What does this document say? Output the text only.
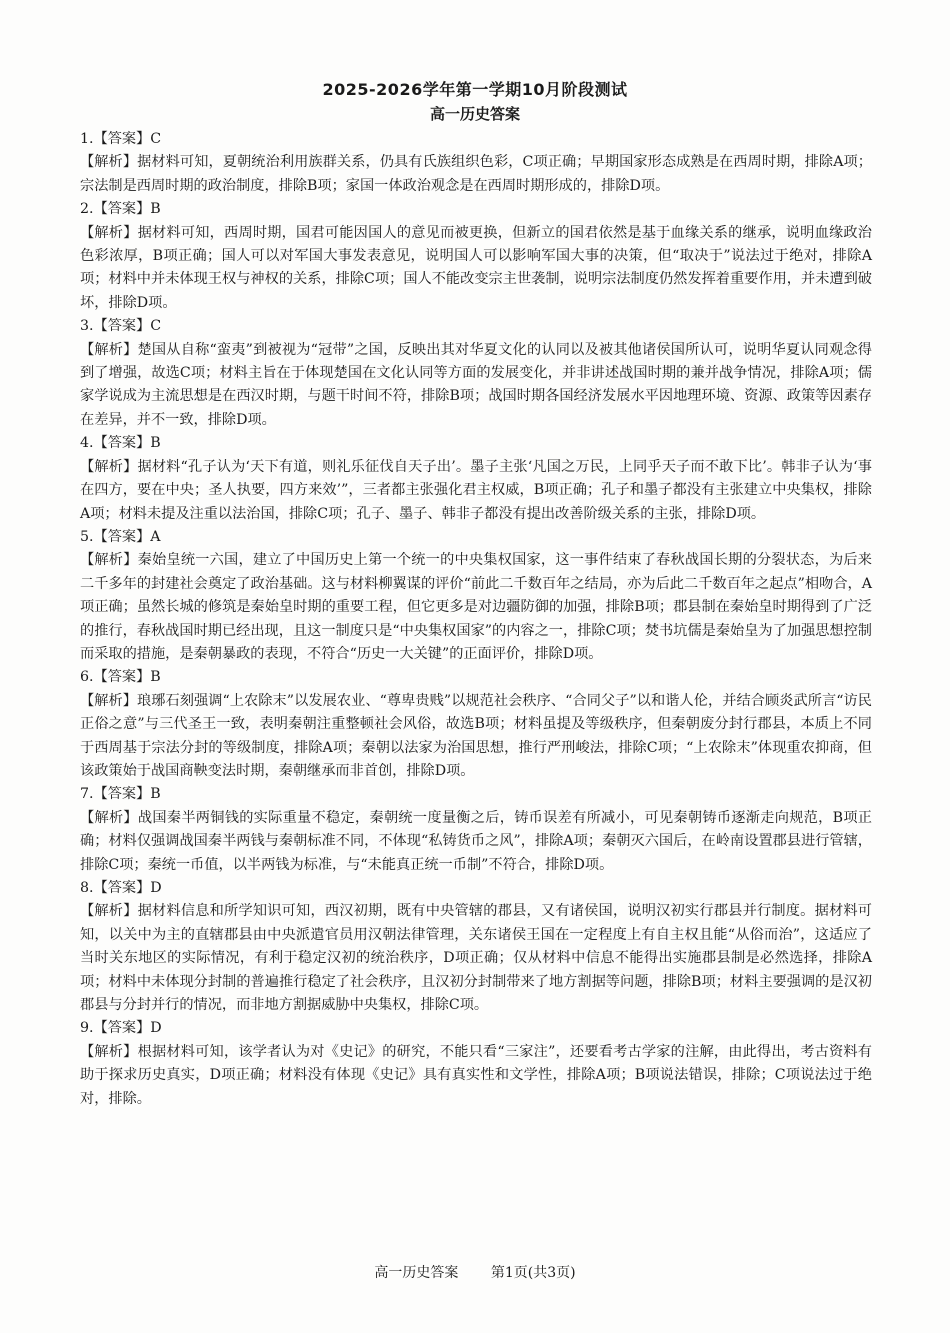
2025-2026学年第一学期10月阶段测试
高一历史答案
1.【答案】C
【解析】据材料可知，夏朝统治利用族群关系，仍具有氏族组织色彩，C项正确；早期国家形态成熟是在西周时期，排除A项；宗法制是西周时期的政治制度，排除B项；家国一体政治观念是在西周时期形成的，排除D项。
2.【答案】B
【解析】据材料可知，西周时期，国君可能因国人的意见而被更换，但新立的国君依然是基于血缘关系的继承，说明血缘政治色彩浓厚，B项正确；国人可以对军国大事发表意见，说明国人可以影响军国大事的决策，但“取决于”说法过于绝对，排除A项；材料中并未体现王权与神权的关系，排除C项；国人不能改变宗主世袭制，说明宗法制度仍然发挥着重要作用，并未遭到破坏，排除D项。
3.【答案】C
【解析】楚国从自称“蛮夷”到被视为“冠带”之国，反映出其对华夏文化的认同以及被其他诸侯国所认可，说明华夏认同观念得到了增强，故选C项；材料主旨在于体现楚国在文化认同等方面的发展变化，并非讲述战国时期的兼并战争情况，排除A项；儒家学说成为主流思想是在西汉时期，与题干时间不符，排除B项；战国时期各国经济发展水平因地理环境、资源、政策等因素存在差异，并不一致，排除D项。
4.【答案】B
【解析】据材料“孔子认为‘天下有道，则礼乐征伐自天子出’。墨子主张‘凡国之万民，上同乎天子而不敢下比’。韩非子认为‘事在四方，要在中央；圣人执要，四方来效’”，三者都主张强化君主权威，B项正确；孔子和墨子都没有主张建立中央集权，排除A项；材料未提及注重以法治国，排除C项；孔子、墨子、韩非子都没有提出改善阶级关系的主张，排除D项。
5.【答案】A
【解析】秦始皇统一六国，建立了中国历史上第一个统一的中央集权国家，这一事件结束了春秋战国长期的分裂状态，为后来二千多年的封建社会奠定了政治基础。这与材料柳翼谋的评价“前此二千数百年之结局，亦为后此二千数百年之起点”相吻合，A项正确；虽然长城的修筑是秦始皇时期的重要工程，但它更多是对边疆防御的加强，排除B项；郡县制在秦始皇时期得到了广泛的推行，春秋战国时期已经出现，且这一制度只是“中央集权国家”的内容之一，排除C项；焚书坑儒是秦始皇为了加强思想控制而采取的措施，是秦朝暴政的表现，不符合“历史一大关键”的正面评价，排除D项。
6.【答案】B
【解析】琅琊石刻强调“上农除末”以发展农业、“尊卑贵贱”以规范社会秩序、“合同父子”以和谐人伦，并结合顾炎武所言“访民正俗之意”与三代圣王一致，表明秦朝注重整顿社会风俗，故选B项；材料虽提及等级秩序，但秦朝废分封行郡县，本质上不同于西周基于宗法分封的等级制度，排除A项；秦朝以法家为治国思想，推行严刑峻法，排除C项；“上农除末”体现重农抑商，但该政策始于战国商鞅变法时期，秦朝继承而非首创，排除D项。
7.【答案】B
【解析】战国秦半两铜钱的实际重量不稳定，秦朝统一度量衡之后，铸币误差有所减小，可见秦朝铸币逐渐走向规范，B项正确；材料仅强调战国秦半两钱与秦朝标准不同，不体现“私铸货币之风”，排除A项；秦朝灭六国后，在岭南设置郡县进行管辖，排除C项；秦统一币值，以半两钱为标准，与“未能真正统一币制”不符合，排除D项。
8.【答案】D
【解析】据材料信息和所学知识可知，西汉初期，既有中央管辖的郡县，又有诸侯国，说明汉初实行郡县并行制度。据材料可知，以关中为主的直辖郡县由中央派遣官员用汉朝法律管理，关东诸侯王国在一定程度上有自主权且能“从俗而治”，这适应了当时关东地区的实际情况，有利于稳定汉初的统治秩序，D项正确；仅从材料中信息不能得出实施郡县制是必然选择，排除A项；材料中未体现分封制的普遍推行稳定了社会秩序，且汉初分封制带来了地方割据等问题，排除B项；材料主要强调的是汉初郡县与分封并行的情况，而非地方割据威胁中央集权，排除C项。
9.【答案】D
【解析】根据材料可知，该学者认为对《史记》的研究，不能只看“三家注”，还要看考古学家的注解，由此得出，考古资料有助于探求历史真实，D项正确；材料没有体现《史记》具有真实性和文学性，排除A项；B项说法错误，排除；C项说法过于绝对，排除。
高一历史答案 第1页(共3页)
